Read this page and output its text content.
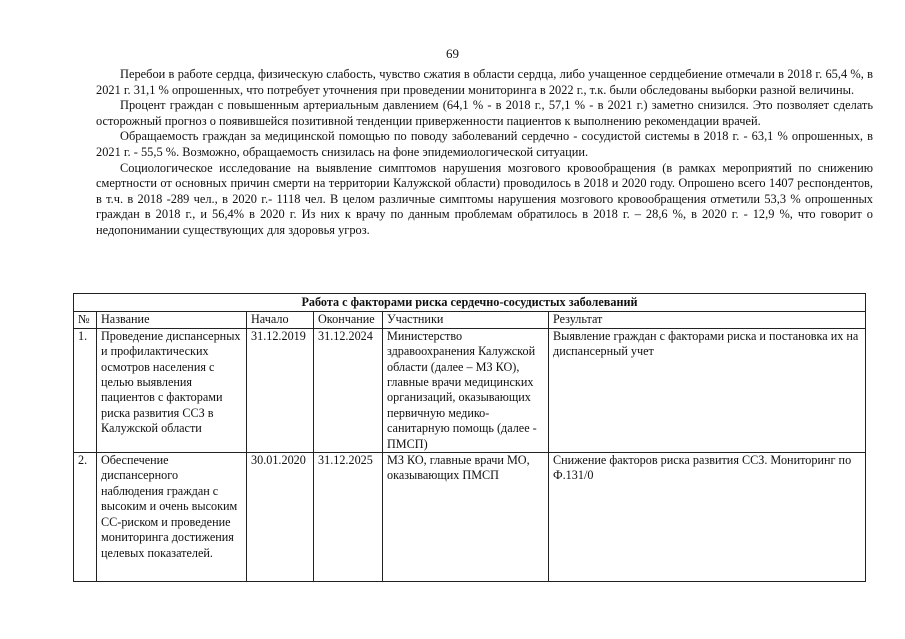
69

Перебои в работе сердца, физическую слабость, чувство сжатия в области сердца, либо учащенное сердцебиение отмечали в 2018 г. 65,4 %, в 2021 г. 31,1 % опрошенных, что потребует уточнения при проведении мониторинга в 2022 г., т.к. были обследованы выборки разной величины.

Процент граждан с повышенным артериальным давлением (64,1 % - в 2018 г., 57,1 % - в 2021 г.) заметно снизился. Это позволяет сделать осторожный прогноз о появившейся позитивной тенденции приверженности пациентов к выполнению рекомендации врачей.

Обращаемость граждан за медицинской помощью по поводу заболеваний сердечно - сосудистой системы в 2018 г. - 63,1 % опрошенных, в 2021 г. - 55,5 %. Возможно, обращаемость снизилась на фоне эпидемиологической ситуации.

Социологическое исследование на выявление симптомов нарушения мозгового кровообращения (в рамках мероприятий по снижению смертности от основных причин смерти на территории Калужской области) проводилось в 2018 и 2020 году. Опрошено всего 1407 респондентов, в т.ч. в 2018 -289 чел., в 2020 г.- 1118 чел. В целом различные симптомы нарушения мозгового кровообращения отметили 53,3 % опрошенных граждан в 2018 г., и 56,4% в 2020 г. Из них к врачу по данным проблемам обратилось в 2018 г. – 28,6 %, в 2020 г. - 12,9 %, что говорит о недопонимании существующих для здоровья угроз.

Работа с факторами риска сердечно-сосудистых заболеваний					
№	Название	Начало	Окончание	Участники	Результат
1.	Проведение диспансерных и профилактических осмотров населения с целью выявления пациентов с факторами риска развития ССЗ в Калужской области	31.12.2019	31.12.2024	Министерство здравоохранения Калужской области (далее – МЗ КО), главные врачи медицинских организаций, оказывающих первичную медико-санитарную помощь (далее - ПМСП)	Выявление граждан с факторами риска и постановка их на диспансерный учет
2.	Обеспечение диспансерного наблюдения граждан с высоким и очень высоким СС-риском и проведение мониторинга достижения целевых показателей.	30.01.2020	31.12.2025	МЗ КО, главные врачи МО, оказывающих ПМСП	Снижение факторов риска развития ССЗ. Мониторинг по Ф.131/0
